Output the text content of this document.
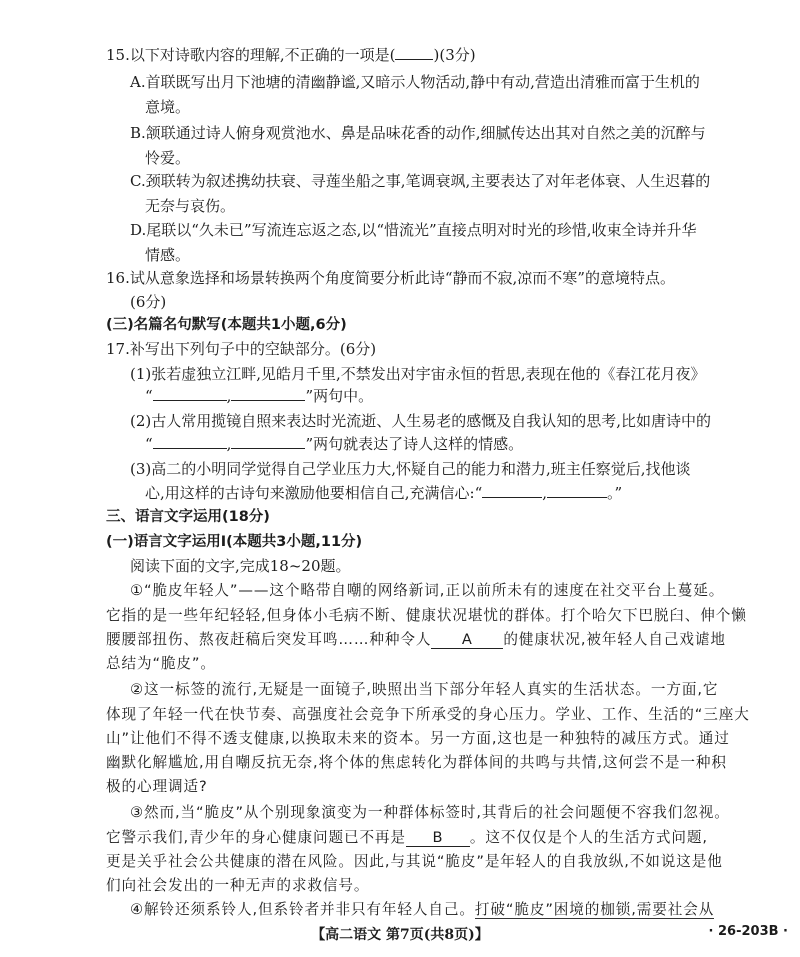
15.以下对诗歌内容的理解,不正确的一项是(	)(3分)
A.首联既写出月下池塘的清幽静谧,又暗示人物活动,静中有动,营造出清雅而富于生机的
意境。
B.颔联通过诗人俯身观赏池水、鼻是品味花香的动作,细腻传达出其对自然之美的沉醉与
怜爱。
C.颈联转为叙述携幼扶衰、寻莲坐船之事,笔调衰飒,主要表达了对年老体衰、人生迟暮的
无奈与哀伤。
D.尾联以“久未已”写流连忘返之态,以“惜流光”直接点明对时光的珍惜,收束全诗并升华
情感。
16.试从意象选择和场景转换两个角度简要分析此诗“静而不寂,凉而不寒”的意境特点。
(6分)
(三)名篇名句默写(本题共1小题,6分)
17.补写出下列句子中的空缺部分。(6分)
(1)张若虚独立江畔,见皓月千里,不禁发出对宇宙永恒的哲思,表现在他的《春江花月夜》
“	,	”两句中。
(2)古人常用揽镜自照来表达时光流逝、人生易老的感慨及自我认知的思考,比如唐诗中的
“	,	”两句就表达了诗人这样的情感。
(3)高二的小明同学觉得自己学业压力大,怀疑自己的能力和潜力,班主任察觉后,找他谈
心,用这样的古诗句来激励他要相信自己,充满信心:“	,	。”
三、语言文字运用(18分)
(一)语言文字运用Ⅰ(本题共3小题,11分)
阅读下面的文字,完成18~20题。
①“脆皮年轻人”——这个略带自嘲的网络新词,正以前所未有的速度在社交平台上蔓延。
它指的是一些年纪轻轻,但身体小毛病不断、健康状况堪忧的群体。打个哈欠下巴脱臼、伸个懒
腰腰部扭伤、熬夜赶稿后突发耳鸣……种种令人 A 的健康状况,被年轻人自己戏谑地
总结为“脆皮”。
②这一标签的流行,无疑是一面镜子,映照出当下部分年轻人真实的生活状态。一方面,它
体现了年轻一代在快节奏、高强度社会竞争下所承受的身心压力。学业、工作、生活的“三座大
山”让他们不得不透支健康,以换取未来的资本。另一方面,这也是一种独特的减压方式。通过
幽默化解尴尬,用自嘲反抗无奈,将个体的焦虑转化为群体间的共鸣与共情,这何尝不是一种积
极的心理调适?
③然而,当“脆皮”从个别现象演变为一种群体标签时,其背后的社会问题便不容我们忽视。
它警示我们,青少年的身心健康问题已不再是 B 。这不仅仅是个人的生活方式问题,
更是关乎社会公共健康的潜在风险。因此,与其说“脆皮”是年轻人的自我放纵,不如说这是他
们向社会发出的一种无声的求救信号。
④解铃还须系铃人,但系铃者并非只有年轻人自己。打破“脆皮”困境的枷锁,需要社会从
【高二语文 第7页(共8页)】	· 26-203B ·
